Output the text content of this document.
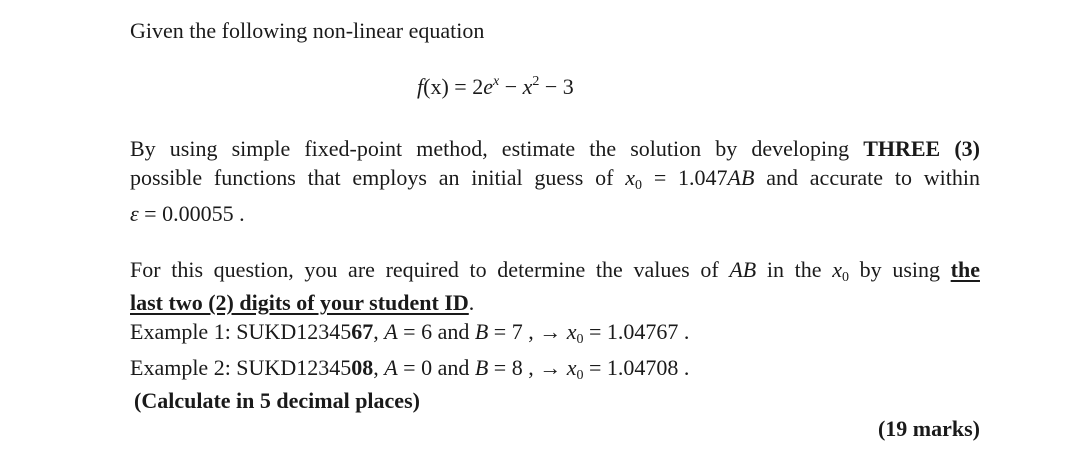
Given the following non-linear equation
$f(x) = 2e^x - x^2 - 3$
By using simple fixed-point method, estimate the solution by developing THREE (3)
possible functions that employs an initial guess of $x_0 = 1.047AB$ and accurate to within
ε = 0.00055 .
For this question, you are required to determine the values of AB in the $x_0$ by using the
last two (2) digits of your student ID.
Example 1: SUKD1234567, A = 6 and B = 7 , → $x_0 = 1.04767$ .
Example 2: SUKD1234508, A = 0 and B = 8 , → $x_0 = 1.04708$ .
(Calculate in 5 decimal places)
(19 marks)
